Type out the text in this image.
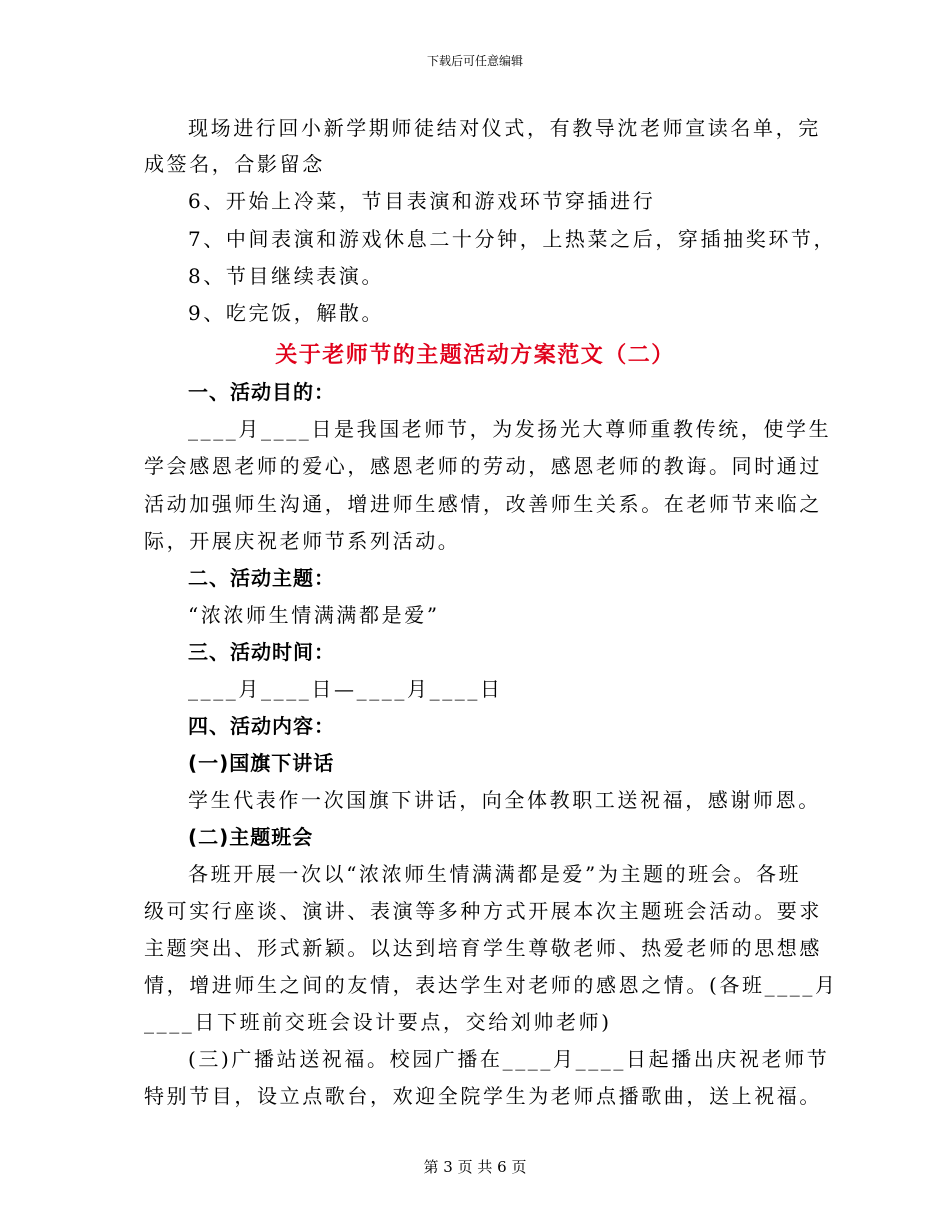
下载后可任意编辑
现场进行回小新学期师徒结对仪式，有教导沈老师宣读名单，完
成签名，合影留念
6、开始上冷菜，节目表演和游戏环节穿插进行
7、中间表演和游戏休息二十分钟，上热菜之后，穿插抽奖环节，
8、节目继续表演。
9、吃完饭，解散。
关于老师节的主题活动方案范文（二）
一、活动目的：
____月____日是我国老师节，为发扬光大尊师重教传统，使学生
学会感恩老师的爱心，感恩老师的劳动，感恩老师的教诲。同时通过
活动加强师生沟通，增进师生感情，改善师生关系。在老师节来临之
际，开展庆祝老师节系列活动。
二、活动主题：
“浓浓师生情满满都是爱”
三、活动时间：
____月____日—____月____日
四、活动内容：
(一)国旗下讲话
学生代表作一次国旗下讲话，向全体教职工送祝福，感谢师恩。
(二)主题班会
各班开展一次以“浓浓师生情满满都是爱”为主题的班会。各班
级可实行座谈、演讲、表演等多种方式开展本次主题班会活动。要求
主题突出、形式新颖。以达到培育学生尊敬老师、热爱老师的思想感
情，增进师生之间的友情，表达学生对老师的感恩之情。(各班____月
____日下班前交班会设计要点，交给刘帅老师)
(三)广播站送祝福。校园广播在____月____日起播出庆祝老师节
特别节目，设立点歌台，欢迎全院学生为老师点播歌曲，送上祝福。
第 3 页 共 6 页
